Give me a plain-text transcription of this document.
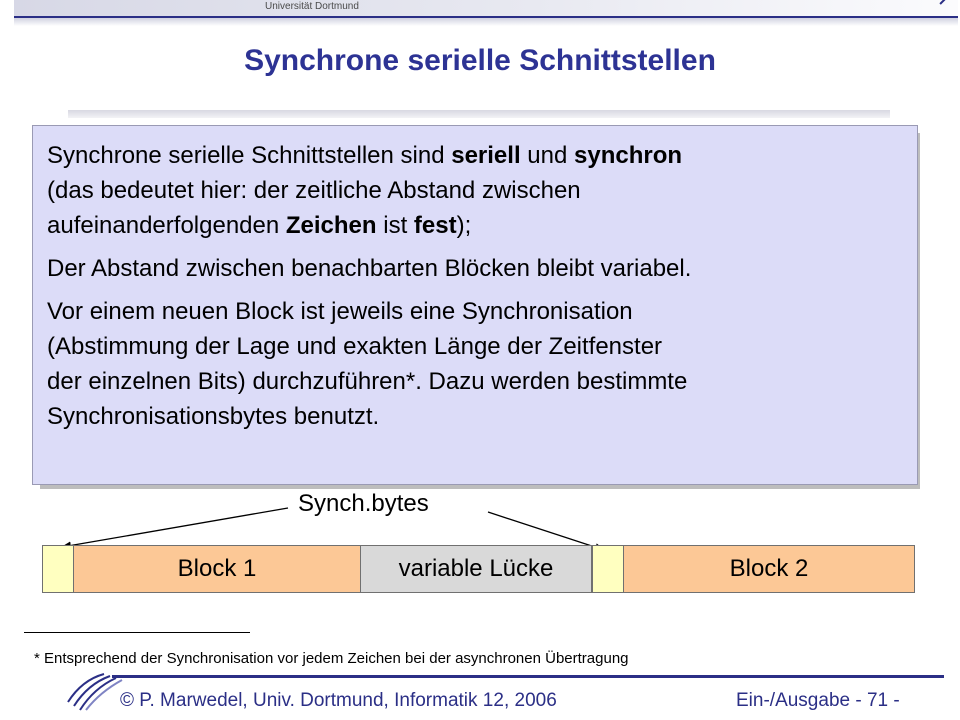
Universität Dortmund
Synchrone serielle Schnittstellen

Synchrone serielle Schnittstellen sind seriell und synchron
(das bedeutet hier: der zeitliche Abstand zwischen
aufeinanderfolgenden Zeichen ist fest);

Der Abstand zwischen benachbarten Blöcken bleibt variabel.

Vor einem neuen Block ist jeweils eine Synchronisation
(Abstimmung der Lage und exakten Länge der Zeitfenster
der einzelnen Bits) durchzuführen*. Dazu werden bestimmte
Synchronisationsbytes benutzt.

Synch.bytes
Block 1	variable Lücke	Block 2
* Entsprechend der Synchronisation vor jedem Zeichen bei der asynchronen Übertragung
© P. Marwedel, Univ. Dortmund, Informatik 12, 2006	Ein-/Ausgabe - 71 -
